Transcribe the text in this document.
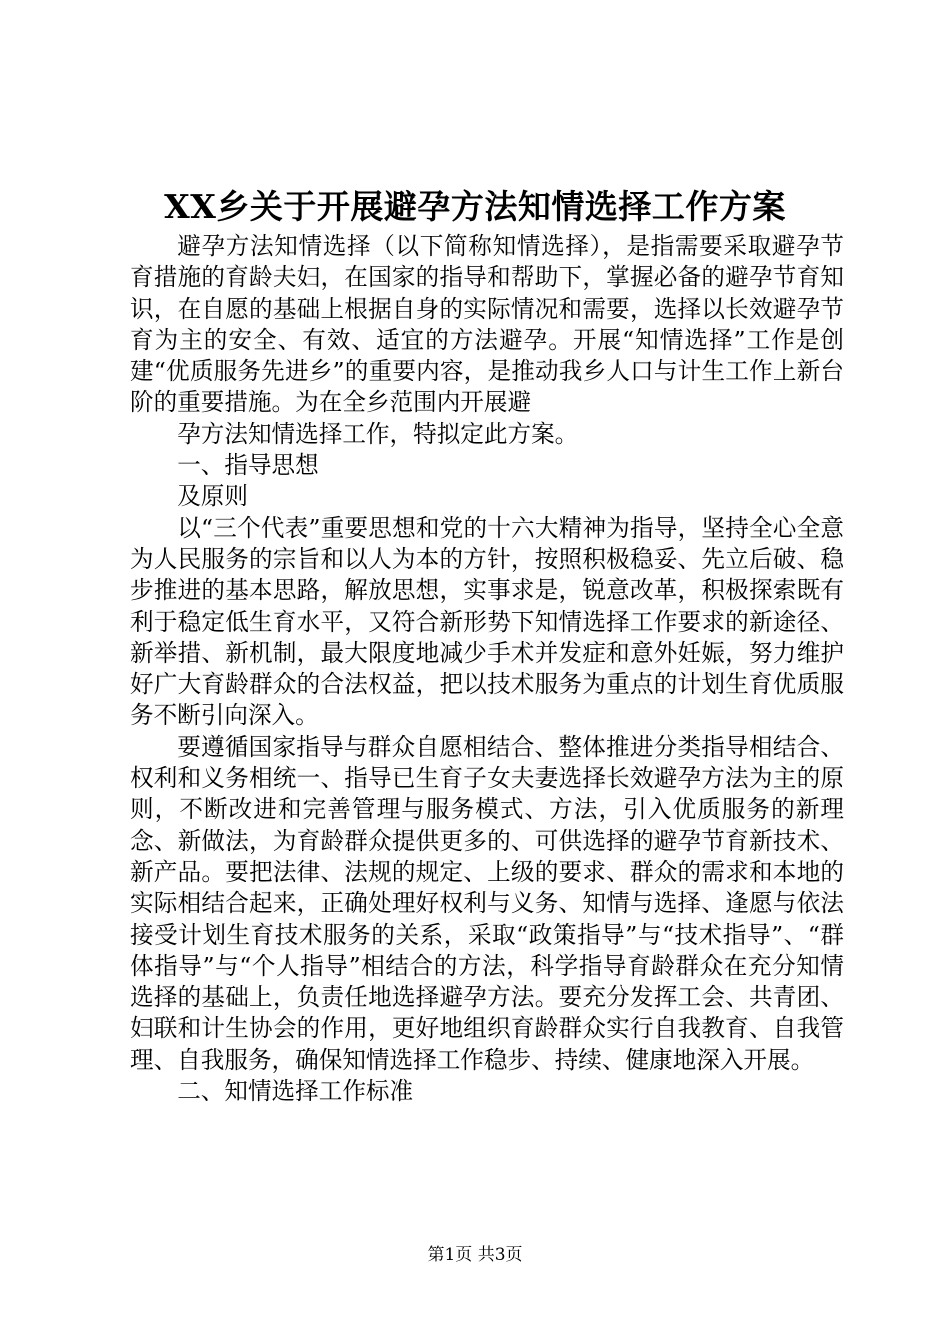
XX乡关于开展避孕方法知情选择工作方案

避孕方法知情选择（以下简称知情选择），是指需要采取避孕节育措施的育龄夫妇，在国家的指导和帮助下，掌握必备的避孕节育知识，在自愿的基础上根据自身的实际情况和需要，选择以长效避孕节育为主的安全、有效、适宜的方法避孕。开展“知情选择”工作是创建“优质服务先进乡”的重要内容，是推动我乡人口与计生工作上新台阶的重要措施。为在全乡范围内开展避

孕方法知情选择工作，特拟定此方案。

一、指导思想

及原则

以“三个代表”重要思想和党的十六大精神为指导，坚持全心全意为人民服务的宗旨和以人为本的方针，按照积极稳妥、先立后破、稳步推进的基本思路，解放思想，实事求是，锐意改革，积极探索既有利于稳定低生育水平，又符合新形势下知情选择工作要求的新途径、新举措、新机制，最大限度地减少手术并发症和意外妊娠，努力维护好广大育龄群众的合法权益，把以技术服务为重点的计划生育优质服务不断引向深入。

要遵循国家指导与群众自愿相结合、整体推进分类指导相结合、权利和义务相统一、指导已生育子女夫妻选择长效避孕方法为主的原则，不断改进和完善管理与服务模式、方法，引入优质服务的新理念、新做法，为育龄群众提供更多的、可供选择的避孕节育新技术、新产品。要把法律、法规的规定、上级的要求、群众的需求和本地的实际相结合起来，正确处理好权利与义务、知情与选择、逢愿与依法接受计划生育技术服务的关系，采取“政策指导”与“技术指导”、“群体指导”与“个人指导”相结合的方法，科学指导育龄群众在充分知情选择的基础上，负责任地选择避孕方法。要充分发挥工会、共青团、妇联和计生协会的作用，更好地组织育龄群众实行自我教育、自我管理、自我服务，确保知情选择工作稳步、持续、健康地深入开展。

二、知情选择工作标准

第1页 共3页
